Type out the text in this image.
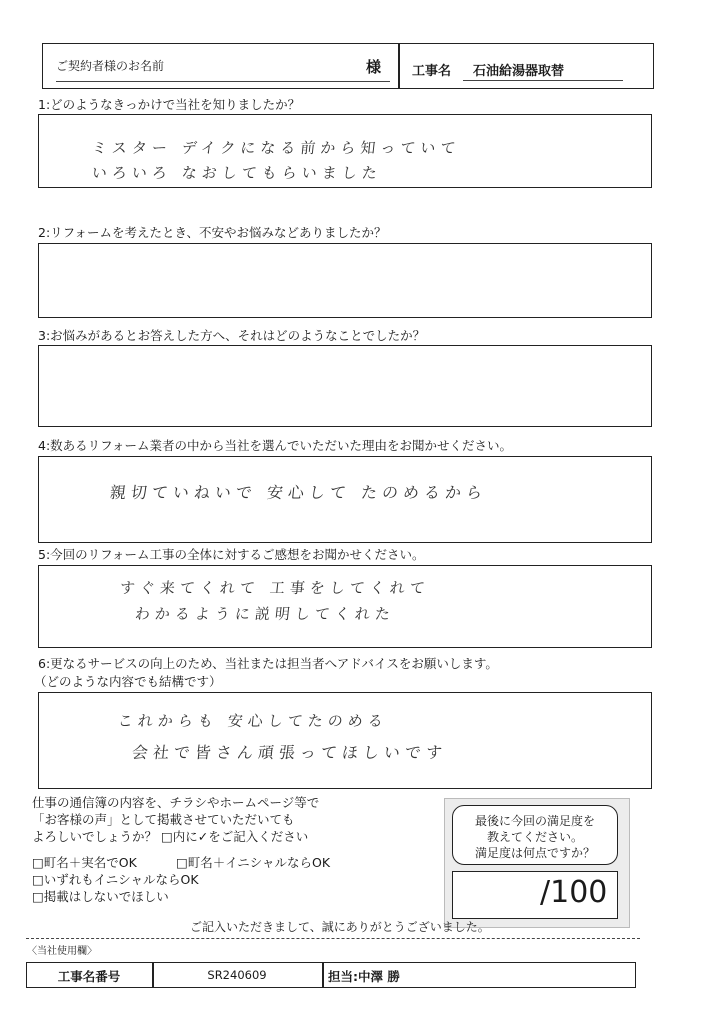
ご契約者様のお名前	様 工事名 石油給湯器取替
1:どのようなきっかけで当社を知りましたか？
ミスター デイクになる前から知っていて
いろいろ なおしてもらいました
2:リフォームを考えたとき、不安やお悩みなどありましたか？
3:お悩みがあるとお答えした方へ、それはどのようなことでしたか？
4:数あるリフォーム業者の中から当社を選んでいただいた理由をお聞かせください。
親切ていねいで 安心して たのめるから
5:今回のリフォーム工事の全体に対するご感想をお聞かせください。
すぐ来てくれて 工事をしてくれて
わかるように説明してくれた
6:更なるサービスの向上のため、当社または担当者へアドバイスをお願いします。
（どのような内容でも結構です）
これからも 安心してたのめる
会社で皆さん頑張ってほしいです
仕事の通信簿の内容を、チラシやホームページ等で
「お客様の声」として掲載させていただいても
よろしいでしょうか？ □内に✓をご記入ください
□町名＋実名でOK	□町名＋イニシャルならOK
□いずれもイニシャルならOK
□掲載はしないでほしい
最後に今回の満足度を
教えてください。
満足度は何点ですか？
/100
ご記入いただきまして、誠にありがとうございました。
〈当社使用欄〉
工事名番号	SR240609	担当:中澤 勝
